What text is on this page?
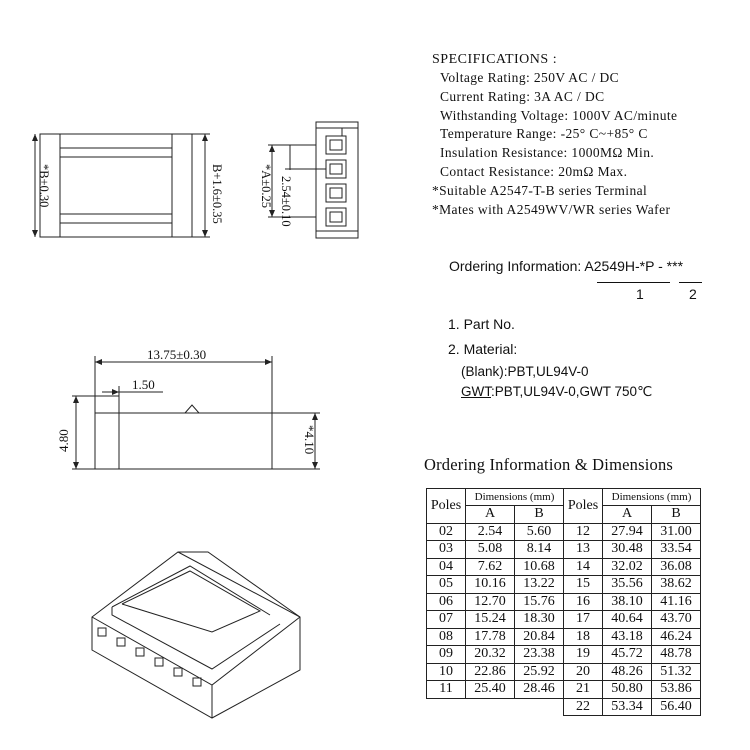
B+1.6±0.35
*B±0.30	*A±0.25 2.54±0.10
13.75±0.30
1.50
4.80	*4.10
SPECIFICATIONS :
Voltage Rating: 250V AC / DC
Current Rating: 3A AC / DC
Withstanding Voltage: 1000V AC/minute
Temperature Range: -25° C~+85° C
Insulation Resistance: 1000MΩ Min.
Contact Resistance: 20mΩ Max.
*Suitable A2547-T-B series Terminal
*Mates with A2549WV/WR series Wafer
Ordering Information: A2549H-*P - ***
1	2
1. Part No.
2. Material:
(Blank):PBT,UL94V-0
GWT:PBT,UL94V-0,GWT 750℃
Ordering Information & Dimensions
Poles	Dimensions (mm)		Poles	Dimensions (mm)	
	A	B		A	B
02	2.54	5.60	12	27.94	31.00
03	5.08	8.14	13	30.48	33.54
04	7.62	10.68	14	32.02	36.08
05	10.16	13.22	15	35.56	38.62
06	12.70	15.76	16	38.10	41.16
07	15.24	18.30	17	40.64	43.70
08	17.78	20.84	18	43.18	46.24
09	20.32	23.38	19	45.72	48.78
10	22.86	25.92	20	48.26	51.32
11	25.40	28.46	21	50.80	53.86
			22	53.34	56.40
